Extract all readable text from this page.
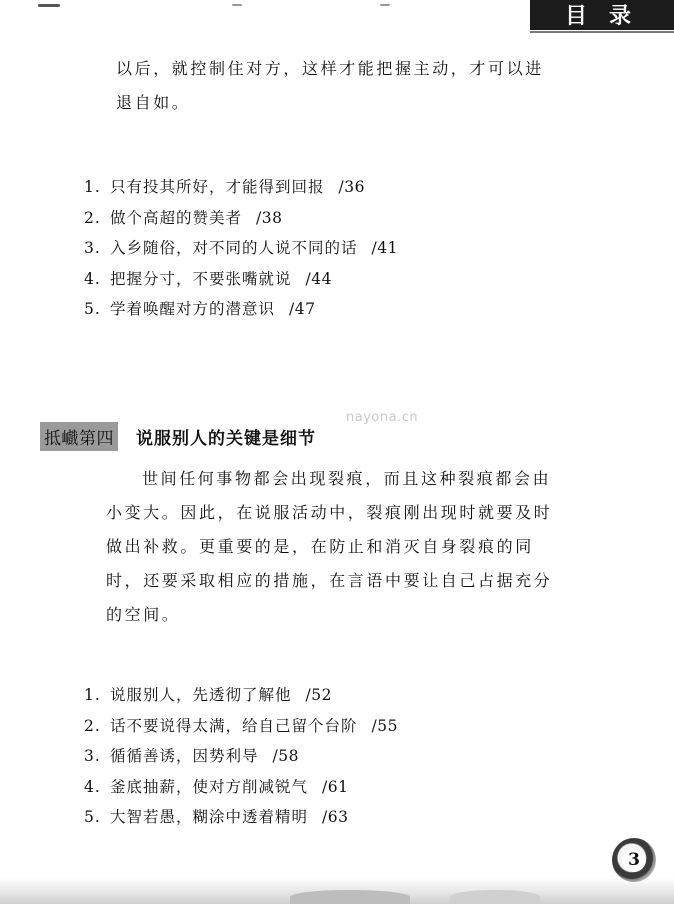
目录
以后，就控制住对方，这样才能把握主动，才可以进退自如。
1. 只有投其所好，才能得到回报 /36
2. 做个高超的赞美者 /38
3. 入乡随俗，对不同的人说不同的话 /41
4. 把握分寸，不要张嘴就说 /44
5. 学着唤醒对方的潜意识 /47
nayona.cn
抵巇第四 说服别人的关键是细节
世间任何事物都会出现裂痕，而且这种裂痕都会由小变大。因此，在说服活动中，裂痕刚出现时就要及时做出补救。更重要的是，在防止和消灭自身裂痕的同时，还要采取相应的措施，在言语中要让自己占据充分的空间。
1. 说服别人，先透彻了解他 /52
2. 话不要说得太满，给自己留个台阶 /55
3. 循循善诱，因势利导 /58
4. 釜底抽薪，使对方削减锐气 /61
5. 大智若愚，糊涂中透着精明 /63
3
